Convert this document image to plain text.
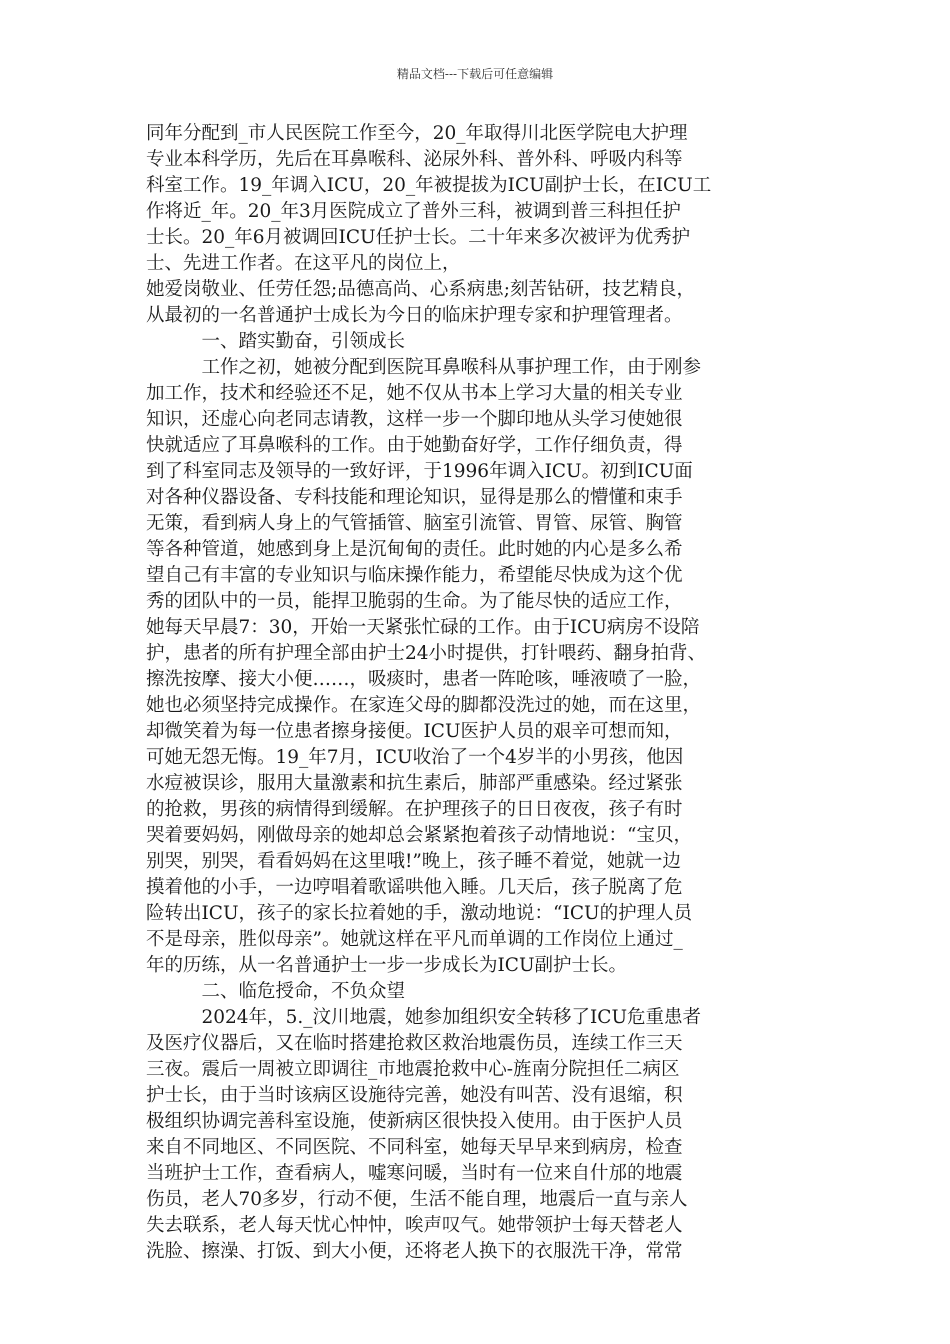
精品文档---下载后可任意编辑
同年分配到_市人民医院工作至今，20_年取得川北医学院电大护理
专业本科学历，先后在耳鼻喉科、泌尿外科、普外科、呼吸内科等
科室工作。19_年调入ICU，20_年被提拔为ICU副护士长，在ICU工
作将近_年。20_年3月医院成立了普外三科，被调到普三科担任护
士长。20_年6月被调回ICU任护士长。二十年来多次被评为优秀护
士、先进工作者。在这平凡的岗位上，
她爱岗敬业、任劳任怨;品德高尚、心系病患;刻苦钻研，技艺精良，
从最初的一名普通护士成长为今日的临床护理专家和护理管理者。
　　　一、踏实勤奋，引领成长
　　　工作之初，她被分配到医院耳鼻喉科从事护理工作，由于刚参
加工作，技术和经验还不足，她不仅从书本上学习大量的相关专业
知识，还虚心向老同志请教，这样一步一个脚印地从头学习使她很
快就适应了耳鼻喉科的工作。由于她勤奋好学，工作仔细负责，得
到了科室同志及领导的一致好评，于1996年调入ICU。初到ICU面
对各种仪器设备、专科技能和理论知识，显得是那么的懵懂和束手
无策，看到病人身上的气管插管、脑室引流管、胃管、尿管、胸管
等各种管道，她感到身上是沉甸甸的责任。此时她的内心是多么希
望自己有丰富的专业知识与临床操作能力，希望能尽快成为这个优
秀的团队中的一员，能捍卫脆弱的生命。为了能尽快的适应工作，
她每天早晨7：30，开始一天紧张忙碌的工作。由于ICU病房不设陪
护，患者的所有护理全部由护士24小时提供，打针喂药、翻身拍背、
擦洗按摩、接大小便……，吸痰时，患者一阵呛咳，唾液喷了一脸，
她也必须坚持完成操作。在家连父母的脚都没洗过的她，而在这里，
却微笑着为每一位患者擦身接便。ICU医护人员的艰辛可想而知，
可她无怨无悔。19_年7月，ICU收治了一个4岁半的小男孩，他因
水痘被误诊，服用大量激素和抗生素后，肺部严重感染。经过紧张
的抢救，男孩的病情得到缓解。在护理孩子的日日夜夜，孩子有时
哭着要妈妈，刚做母亲的她却总会紧紧抱着孩子动情地说：“宝贝，
别哭，别哭，看看妈妈在这里哦!”晚上，孩子睡不着觉，她就一边
摸着他的小手，一边哼唱着歌谣哄他入睡。几天后，孩子脱离了危
险转出ICU，孩子的家长拉着她的手，激动地说：“ICU的护理人员
不是母亲，胜似母亲”。她就这样在平凡而单调的工作岗位上通过_
年的历练，从一名普通护士一步一步成长为ICU副护士长。
　　　二、临危授命，不负众望
　　　2024年，5._汶川地震，她参加组织安全转移了ICU危重患者
及医疗仪器后，又在临时搭建抢救区救治地震伤员，连续工作三天
三夜。震后一周被立即调往_市地震抢救中心-旌南分院担任二病区
护士长，由于当时该病区设施待完善，她没有叫苦、没有退缩，积
极组织协调完善科室设施，使新病区很快投入使用。由于医护人员
来自不同地区、不同医院、不同科室，她每天早早来到病房，检查
当班护士工作，查看病人，嘘寒问暖，当时有一位来自什邡的地震
伤员，老人70多岁，行动不便，生活不能自理，地震后一直与亲人
失去联系，老人每天忧心忡忡，唉声叹气。她带领护士每天替老人
洗脸、擦澡、打饭、到大小便，还将老人换下的衣服洗干净，常常
